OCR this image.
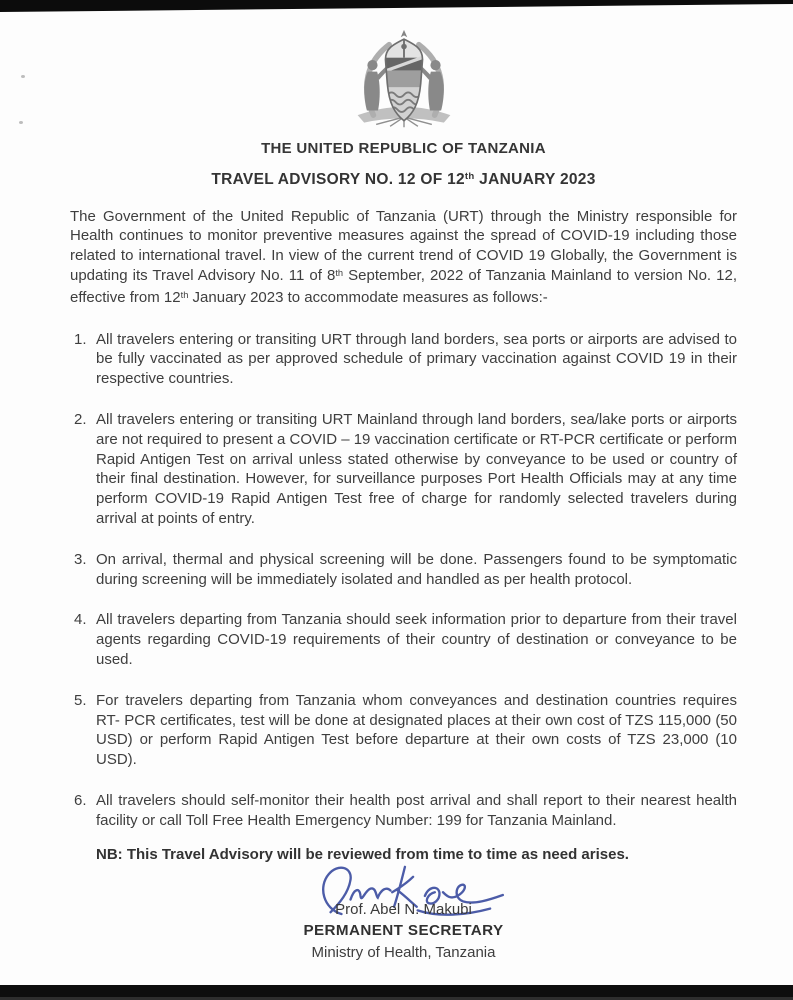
THE UNITED REPUBLIC OF TANZANIA
TRAVEL ADVISORY NO. 12 OF 12th JANUARY 2023

The Government of the United Republic of Tanzania (URT) through the Ministry responsible for Health continues to monitor preventive measures against the spread of COVID-19 including those related to international travel. In view of the current trend of COVID 19 Globally, the Government is updating its Travel Advisory No. 11 of 8th September, 2022 of Tanzania Mainland to version No. 12, effective from 12th January 2023 to accommodate measures as follows:-

1. All travelers entering or transiting URT through land borders, sea ports or airports are advised to be fully vaccinated as per approved schedule of primary vaccination against COVID 19 in their respective countries.
2. All travelers entering or transiting URT Mainland through land borders, sea/lake ports or airports are not required to present a COVID – 19 vaccination certificate or RT-PCR certificate or perform Rapid Antigen Test on arrival unless stated otherwise by conveyance to be used or country of their final destination. However, for surveillance purposes Port Health Officials may at any time perform COVID-19 Rapid Antigen Test free of charge for randomly selected travelers during arrival at points of entry.
3. On arrival, thermal and physical screening will be done. Passengers found to be symptomatic during screening will be immediately isolated and handled as per health protocol.
4. All travelers departing from Tanzania should seek information prior to departure from their travel agents regarding COVID-19 requirements of their country of destination or conveyance to be used.
5. For travelers departing from Tanzania whom conveyances and destination countries requires RT- PCR certificates, test will be done at designated places at their own cost of TZS 115,000 (50 USD) or perform Rapid Antigen Test before departure at their own costs of TZS 23,000 (10 USD).
6. All travelers should self-monitor their health post arrival and shall report to their nearest health facility or call Toll Free Health Emergency Number: 199 for Tanzania Mainland.

NB: This Travel Advisory will be reviewed from time to time as need arises.

Prof. Abel N. Makubi
PERMANENT SECRETARY
Ministry of Health, Tanzania
